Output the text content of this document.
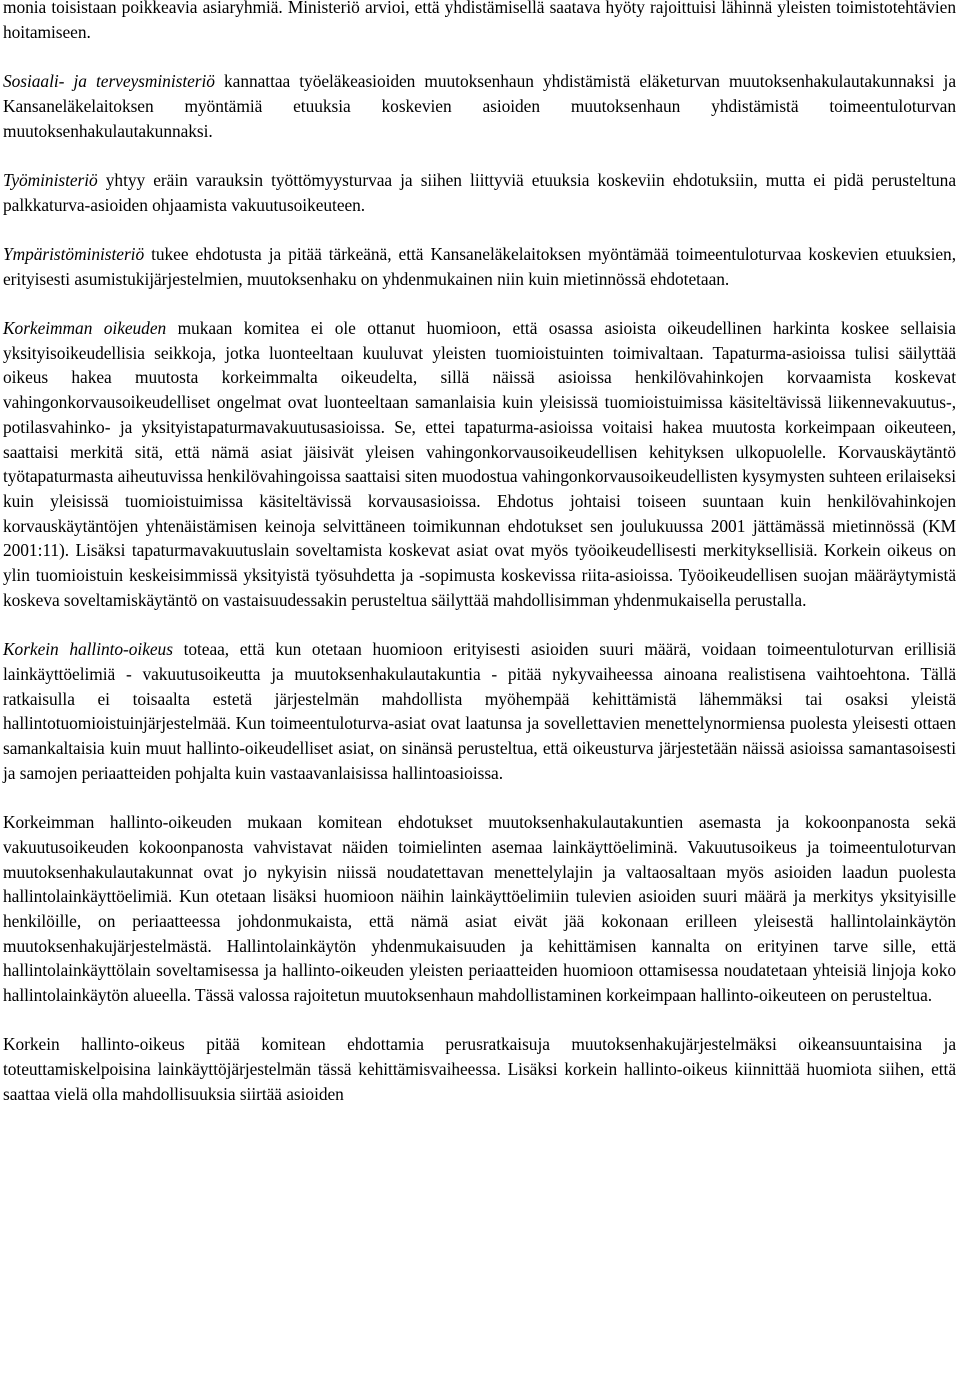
monia toisistaan poikkeavia asiaryhmiä. Ministeriö arvioi, että yhdistämisellä saatava hyöty rajoittuisi lähinnä yleisten toimistotehtävien hoitamiseen.

Sosiaali- ja terveysministeriö kannattaa työeläkeasioiden muutoksenhaun yhdistämistä eläketurvan muutoksenhakulautakunnaksi ja Kansaneläkelaitoksen myöntämiä etuuksia koskevien asioiden muutoksenhaun yhdistämistä toimeentuloturvan muutoksenhakulautakunnaksi.

Työministeriö yhtyy eräin varauksin työttömyysturvaa ja siihen liittyviä etuuksia koskeviin ehdotuksiin, mutta ei pidä perusteltuna palkkaturva-asioiden ohjaamista vakuutusoikeuteen.

Ympäristöministeriö tukee ehdotusta ja pitää tärkeänä, että Kansaneläkelaitoksen myöntämää toimeentuloturvaa koskevien etuuksien, erityisesti asumistukijärjestelmien, muutoksenhaku on yhdenmukainen niin kuin mietinnössä ehdotetaan.

Korkeimman oikeuden mukaan komitea ei ole ottanut huomioon, että osassa asioista oikeudellinen harkinta koskee sellaisia yksityisoikeudellisia seikkoja, jotka luonteeltaan kuuluvat yleisten tuomioistuinten toimivaltaan. Tapaturma-asioissa tulisi säilyttää oikeus hakea muutosta korkeimmalta oikeudelta, sillä näissä asioissa henkilövahinkojen korvaamista koskevat vahingonkorvausoikeudelliset ongelmat ovat luonteeltaan samanlaisia kuin yleisissä tuomioistuimissa käsiteltävissä liikennevakuutus-, potilasvahinko- ja yksityistapaturmavakuutusasioissa. Se, ettei tapaturma-asioissa voitaisi hakea muutosta korkeimpaan oikeuteen, saattaisi merkitä sitä, että nämä asiat jäisivät yleisen vahingonkorvausoikeudellisen kehityksen ulkopuolelle. Korvauskäytäntö työtapaturmasta aiheutuvissa henkilövahingoissa saattaisi siten muodostua vahingonkorvausoikeudellisten kysymysten suhteen erilaiseksi kuin yleisissä tuomioistuimissa käsiteltävissä korvausasioissa. Ehdotus johtaisi toiseen suuntaan kuin henkilövahinkojen korvauskäytäntöjen yhtenäistämisen keinoja selvittäneen toimikunnan ehdotukset sen joulukuussa 2001 jättämässä mietinnössä (KM 2001:11). Lisäksi tapaturmavakuutuslain soveltamista koskevat asiat ovat myös työoikeudellisesti merkityksellisiä. Korkein oikeus on ylin tuomioistuin keskeisimmissä yksityistä työsuhdetta ja -sopimusta koskevissa riita-asioissa. Työoikeudellisen suojan määräytymistä koskeva soveltamiskäytäntö on vastaisuudessakin perusteltua säilyttää mahdollisimman yhdenmukaisella perustalla.

Korkein hallinto-oikeus toteaa, että kun otetaan huomioon erityisesti asioiden suuri määrä, voidaan toimeentuloturvan erillisiä lainkäyttöelimiä - vakuutusoikeutta ja muutoksenhakulautakuntia - pitää nykyvaiheessa ainoana realistisena vaihtoehtona. Tällä ratkaisulla ei toisaalta estetä järjestelmän mahdollista myöhempää kehittämistä lähemmäksi tai osaksi yleistä hallintotuomioistuinjärjestelmää. Kun toimeentuloturva-asiat ovat laatunsa ja sovellettavien menettelynormiensa puolesta yleisesti ottaen samankaltaisia kuin muut hallinto-oikeudelliset asiat, on sinänsä perusteltua, että oikeusturva järjestetään näissä asioissa samantasoisesti ja samojen periaatteiden pohjalta kuin vastaavanlaisissa hallintoasioissa.

Korkeimman hallinto-oikeuden mukaan komitean ehdotukset muutoksenhakulautakuntien asemasta ja kokoonpanosta sekä vakuutusoikeuden kokoonpanosta vahvistavat näiden toimielinten asemaa lainkäyttöeliminä. Vakuutusoikeus ja toimeentuloturvan muutoksenhakulautakunnat ovat jo nykyisin niissä noudatettavan menettelylajin ja valtaosaltaan myös asioiden laadun puolesta hallintolainkäyttöelimiä. Kun otetaan lisäksi huomioon näihin lainkäyttöelimiin tulevien asioiden suuri määrä ja merkitys yksityisille henkilöille, on periaatteessa johdonmukaista, että nämä asiat eivät jää kokonaan erilleen yleisestä hallintolainkäytön muutoksenhakujärjestelmästä. Hallintolainkäytön yhdenmukaisuuden ja kehittämisen kannalta on erityinen tarve sille, että hallintolainkäyttölain soveltamisessa ja hallinto-oikeuden yleisten periaatteiden huomioon ottamisessa noudatetaan yhteisiä linjoja koko hallintolainkäytön alueella. Tässä valossa rajoitetun muutoksenhaun mahdollistaminen korkeimpaan hallinto-oikeuteen on perusteltua.

Korkein hallinto-oikeus pitää komitean ehdottamia perusratkaisuja muutoksenhakujärjestelmäksi oikeansuuntaisina ja toteuttamiskelpoisina lainkäyttöjärjestelmän tässä kehittämisvaiheessa. Lisäksi korkein hallinto-oikeus kiinnittää huomiota siihen, että saattaa vielä olla mahdollisuuksia siirtää asioiden
